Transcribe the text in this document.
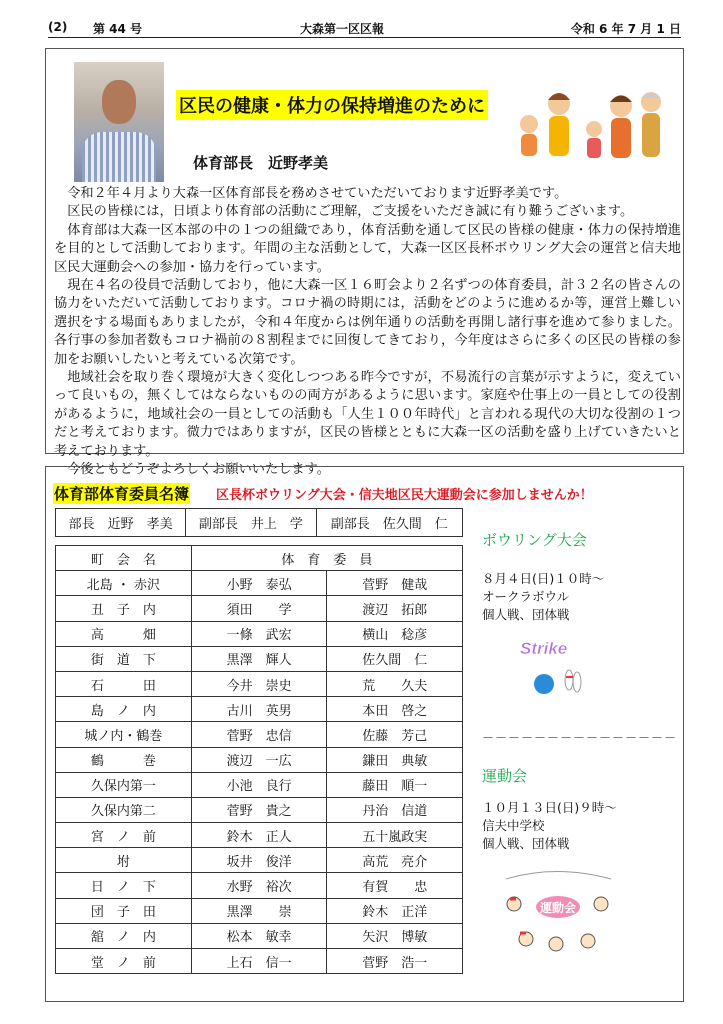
(2) 第 44 号	大森第一区区報	令和 6 年 7 月 1 日
区民の健康・体力の保持増進のために
体育部長　近野孝美

令和２年４月より大森一区体育部長を務めさせていただいております近野孝美です。

区民の皆様には，日頃より体育部の活動にご理解，ご支援をいただき誠に有り難うございます。

体育部は大森一区本部の中の１つの組織であり，体育活動を通して区民の皆様の健康・体力の保持増進を目的として活動しております。年間の主な活動として，大森一区区長杯ボウリング大会の運営と信夫地区民大運動会への参加・協力を行っています。

現在４名の役員で活動しており，他に大森一区１６町会より２名ずつの体育委員，計３２名の皆さんの協力をいただいて活動しております。コロナ禍の時期には，活動をどのように進めるか等，運営上難しい選択をする場面もありましたが，令和４年度からは例年通りの活動を再開し諸行事を進めて参りました。各行事の参加者数もコロナ禍前の８割程までに回復してきており，今年度はさらに多くの区民の皆様の参加をお願いしたいと考えている次第です。

地域社会を取り巻く環境が大きく変化しつつある昨今ですが，不易流行の言葉が示すように，変えていって良いもの，無くしてはならないものの両方があるように思います。家庭や仕事上の一員としての役割があるように，地域社会の一員としての活動も「人生１００年時代」と言われる現代の大切な役割の１つだと考えております。微力ではありますが，区民の皆様とともに大森一区の活動を盛り上げていきたいと考えております。

今後ともどうぞよろしくお願いいたします。

体育部体育委員名簿 区長杯ボウリング大会・信夫地区民大運動会に参加しませんか！
部長　近野　孝美	副部長　井上　学	副部長　佐久間　仁
町　会　名	体　育　委　員	
北島 ・ 赤沢	小野　泰弘	菅野　健哉
丑　子　内	須田　　学	渡辺　拓郎
高　　　畑	一條　武宏	横山　稔彦
街　道　下	黒澤　輝人	佐久間　仁
石　　　田	今井　崇史	荒　　久夫
島　ノ　内	古川　英男	本田　啓之
城ノ内・鶴巻	菅野　忠信	佐藤　芳己
鶴　　　巻	渡辺　一広	鎌田　典敏
久保内第一	小池　良行	藤田　順一
久保内第二	菅野　貴之	丹治　信道
宮　ノ　前	鈴木　正人	五十嵐政実
坿	坂井　俊洋	高荒　亮介
日　ノ　下	水野　裕次	有賀　　忠
団　子　田	黒澤　　崇	鈴木　正洋
舘　ノ　内	松本　敏幸	矢沢　博敏
堂　ノ　前	上石　信一	菅野　浩一
ボウリング大会
８月４日(日)１０時～
オークラボウル
個人戦、団体戦
Strike
－－－－－－－－－－－－－－－
運動会
１０月１３日(日)９時～
信夫中学校
個人戦、団体戦
運動会
